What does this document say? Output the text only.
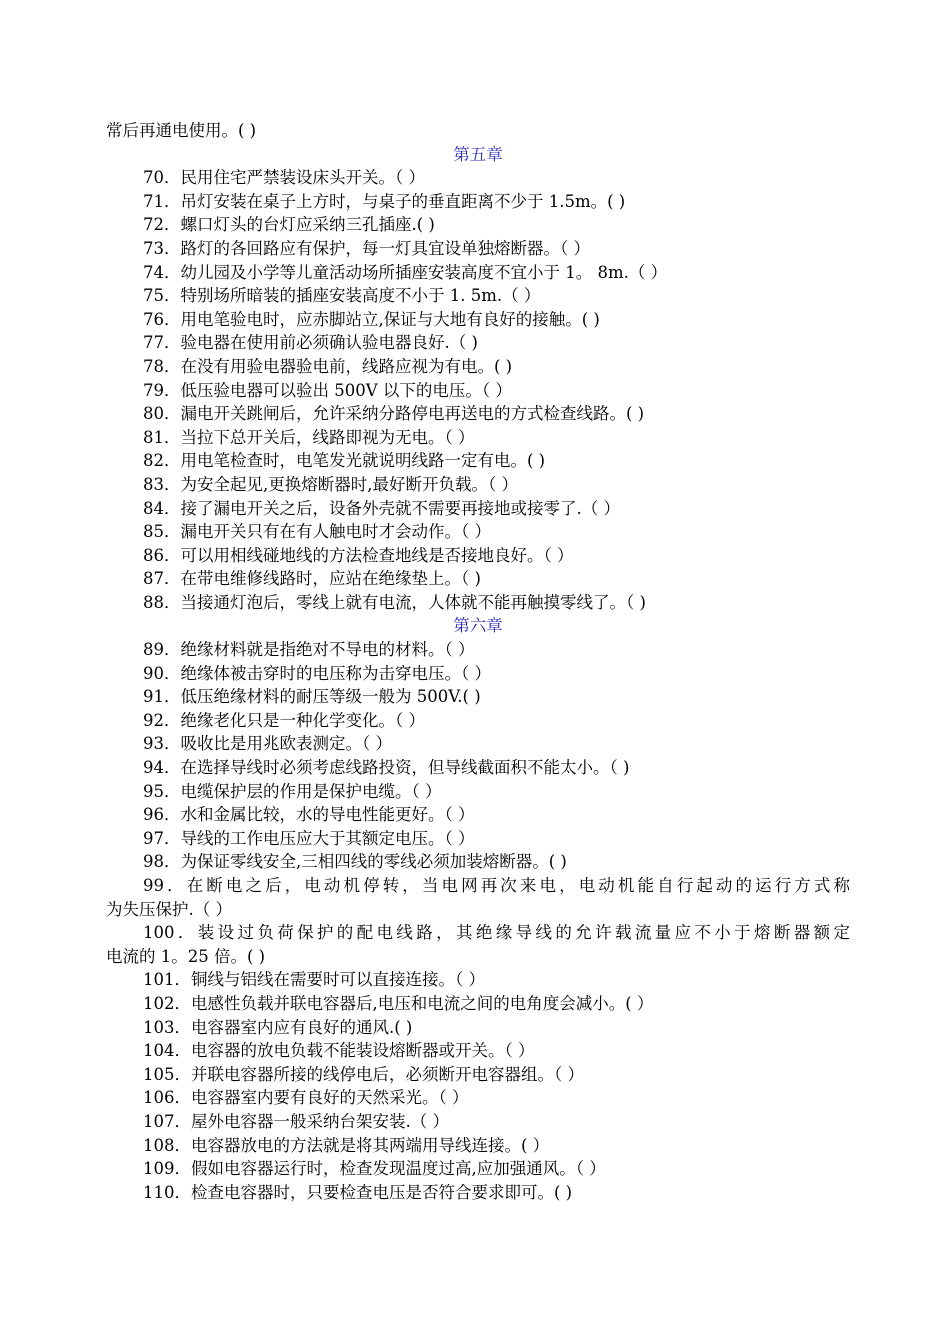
常后再通电使用。( )
第五章
70．民用住宅严禁装设床头开关。（ ）
71．吊灯安装在桌子上方时，与桌子的垂直距离不少于 1.5m。( )
72．螺口灯头的台灯应采纳三孔插座.( )
73．路灯的各回路应有保护，每一灯具宜设单独熔断器。（ ）
74．幼儿园及小学等儿童活动场所插座安装高度不宜小于 1。 8m.（ ）
75．特别场所暗装的插座安装高度不小于 1. 5m.（ ）
76．用电笔验电时，应赤脚站立,保证与大地有良好的接触。( )
77．验电器在使用前必须确认验电器良好.（ )
78．在没有用验电器验电前，线路应视为有电。( )
79．低压验电器可以验出 500V 以下的电压。（ ）
80．漏电开关跳闸后，允许采纳分路停电再送电的方式检查线路。( )
81．当拉下总开关后，线路即视为无电。（ ）
82．用电笔检查时，电笔发光就说明线路一定有电。( )
83．为安全起见,更换熔断器时,最好断开负载。（ ）
84．接了漏电开关之后，设备外壳就不需要再接地或接零了.（ ）
85．漏电开关只有在有人触电时才会动作。（ ）
86．可以用相线碰地线的方法检查地线是否接地良好。（ ）
87．在带电维修线路时，应站在绝缘垫上。（ )
88．当接通灯泡后，零线上就有电流，人体就不能再触摸零线了。（ )
第六章
89．绝缘材料就是指绝对不导电的材料。（ ）
90．绝缘体被击穿时的电压称为击穿电压。（ ）
91．低压绝缘材料的耐压等级一般为 500V.( )
92．绝缘老化只是一种化学变化。（ ）
93．吸收比是用兆欧表测定。（ ）
94．在选择导线时必须考虑线路投资，但导线截面积不能太小。（ )
95．电缆保护层的作用是保护电缆。（ ）
96．水和金属比较，水的导电性能更好。（ ）
97．导线的工作电压应大于其额定电压。（ ）
98．为保证零线安全,三相四线的零线必须加装熔断器。( )
99．在断电之后，电动机停转，当电网再次来电，电动机能自行起动的运行方式称
为失压保护.（ ）
100．装设过负荷保护的配电线路，其绝缘导线的允许载流量应不小于熔断器额定
电流的 1。25 倍。( )
101．铜线与铝线在需要时可以直接连接。（ ）
102．电感性负载并联电容器后,电压和电流之间的电角度会减小。( ）
103．电容器室内应有良好的通风.( )
104．电容器的放电负载不能装设熔断器或开关。（ ）
105．并联电容器所接的线停电后，必须断开电容器组。（ ）
106．电容器室内要有良好的天然采光。（ ）
107．屋外电容器一般采纳台架安装.（ ）
108．电容器放电的方法就是将其两端用导线连接。( ）
109．假如电容器运行时，检查发现温度过高,应加强通风。（ ）
110．检查电容器时，只要检查电压是否符合要求即可。( )
